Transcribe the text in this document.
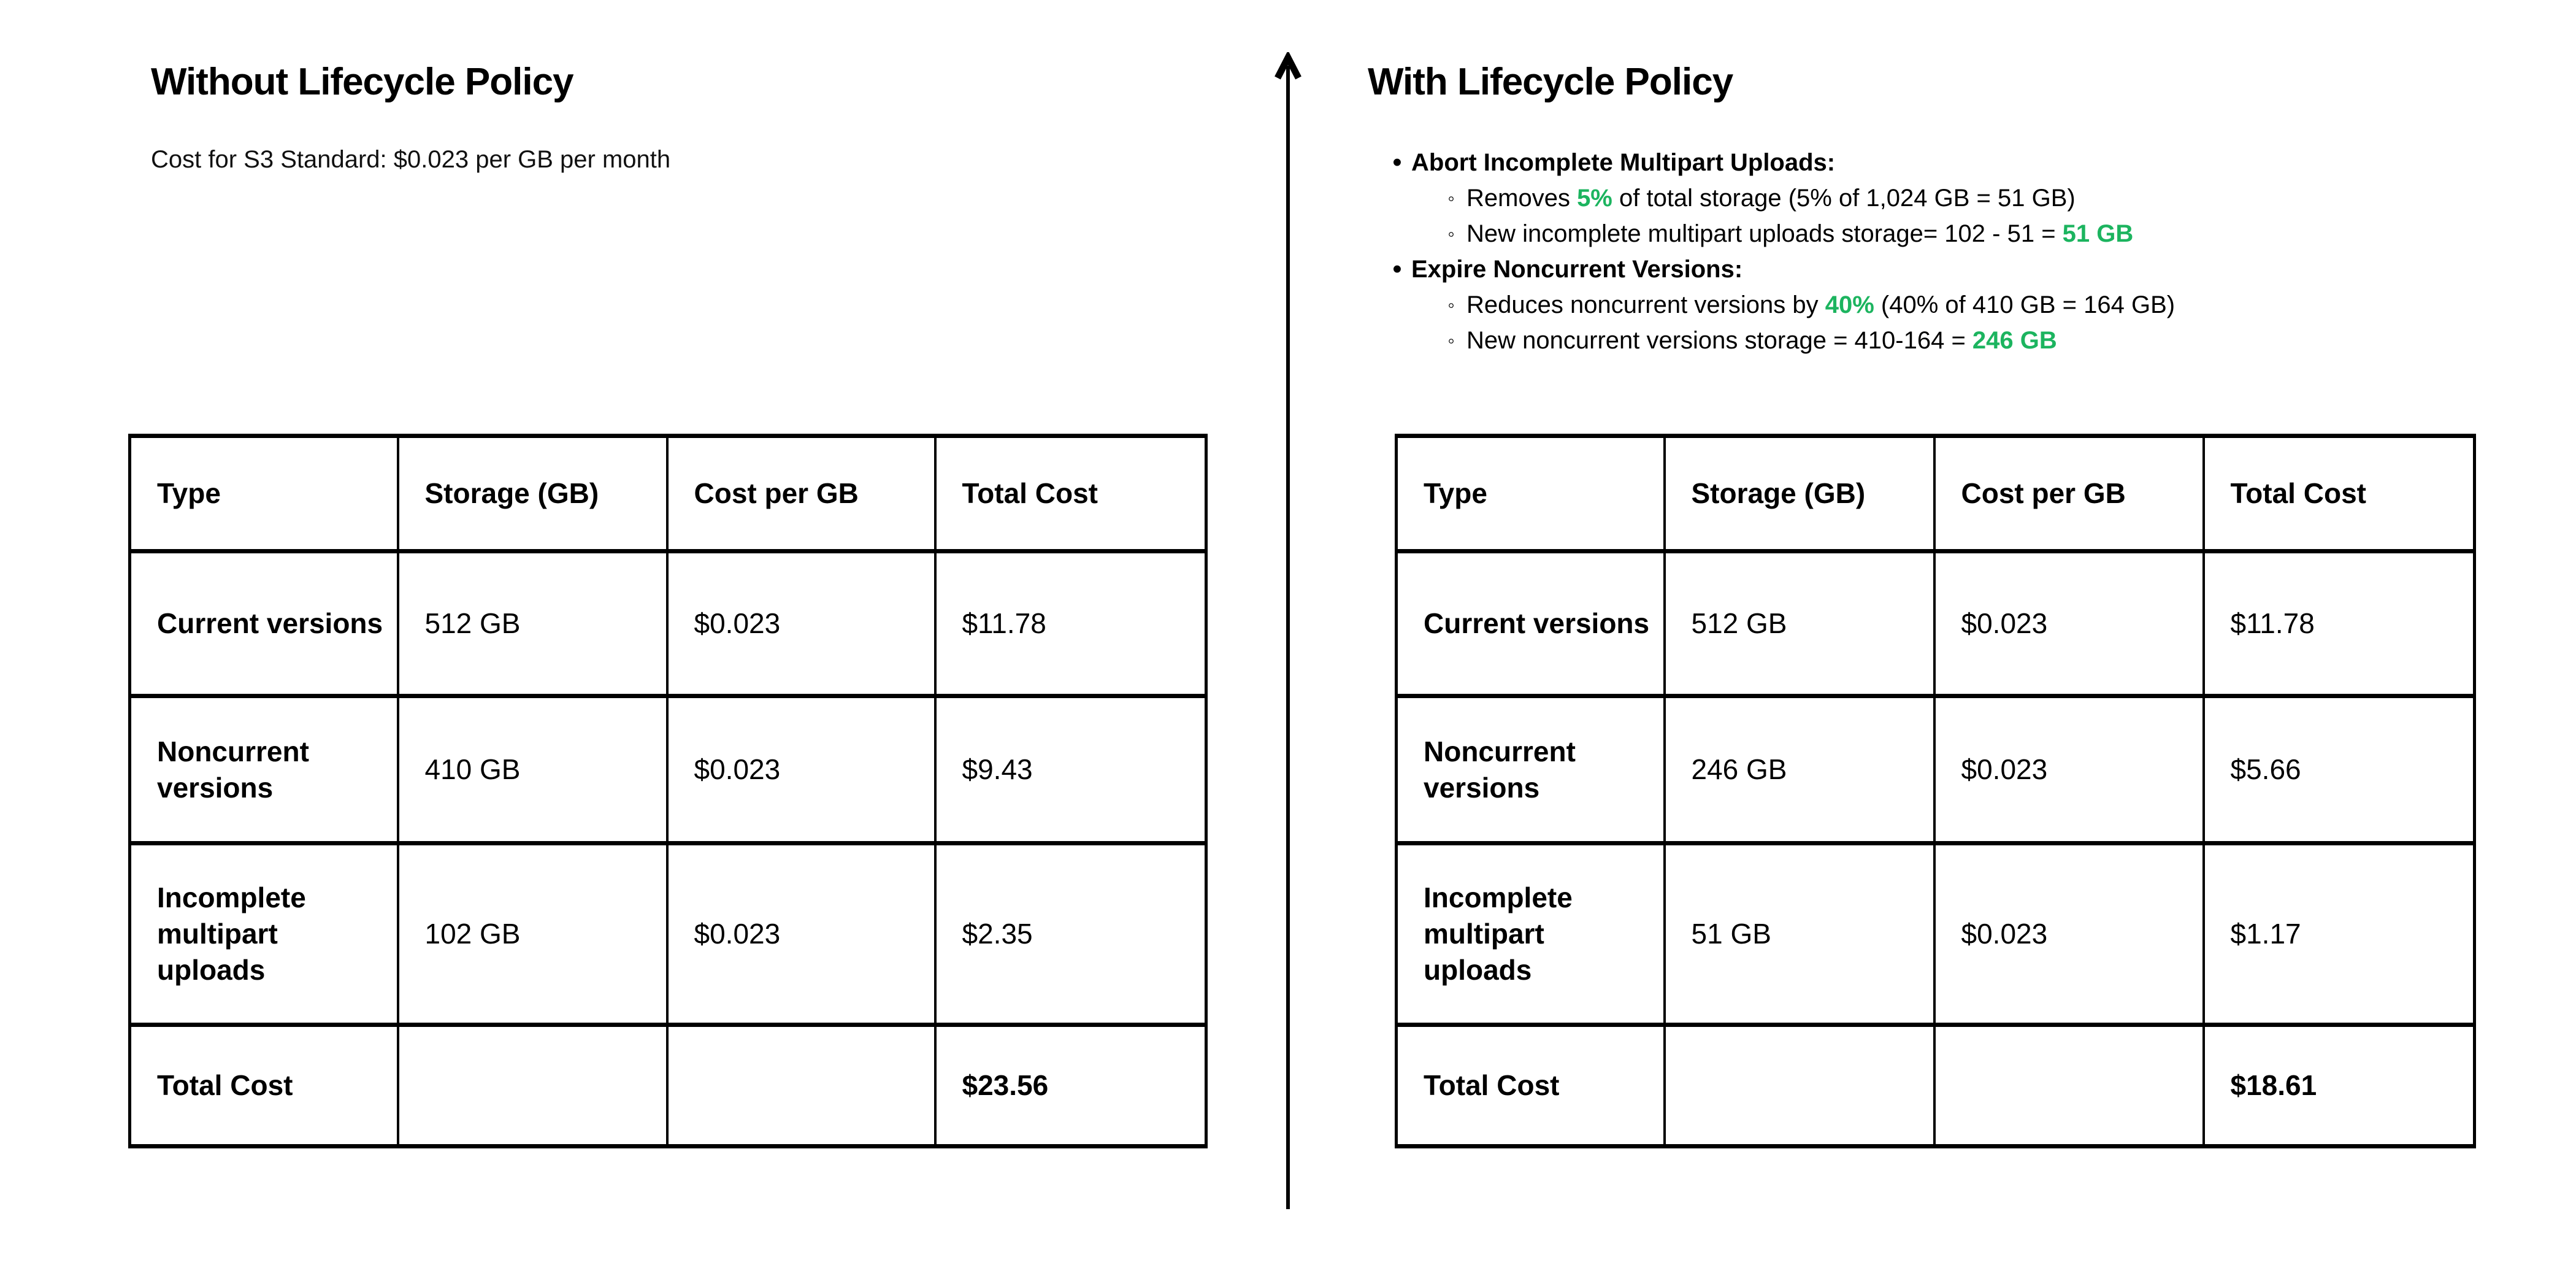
Without Lifecycle Policy
Cost for S3 Standard: $0.023 per GB per month
Type	Storage (GB)	Cost per GB	Total Cost
Current versions	512 GB	$0.023	$11.78
Noncurrent versions	410 GB	$0.023	$9.43
Incomplete multipart uploads	102 GB	$0.023	$2.35
Total Cost			$23.56
With Lifecycle Policy
• Abort Incomplete Multipart Uploads:
◦ Removes 5% of total storage (5% of 1,024 GB = 51 GB)
◦ New incomplete multipart uploads storage= 102 - 51 = 51 GB
• Expire Noncurrent Versions:
◦ Reduces noncurrent versions by 40% (40% of 410 GB = 164 GB)
◦ New noncurrent versions storage = 410-164 = 246 GB
Type	Storage (GB)	Cost per GB	Total Cost
Current versions	512 GB	$0.023	$11.78
Noncurrent versions	246 GB	$0.023	$5.66
Incomplete multipart uploads	51 GB	$0.023	$1.17
Total Cost			$18.61
